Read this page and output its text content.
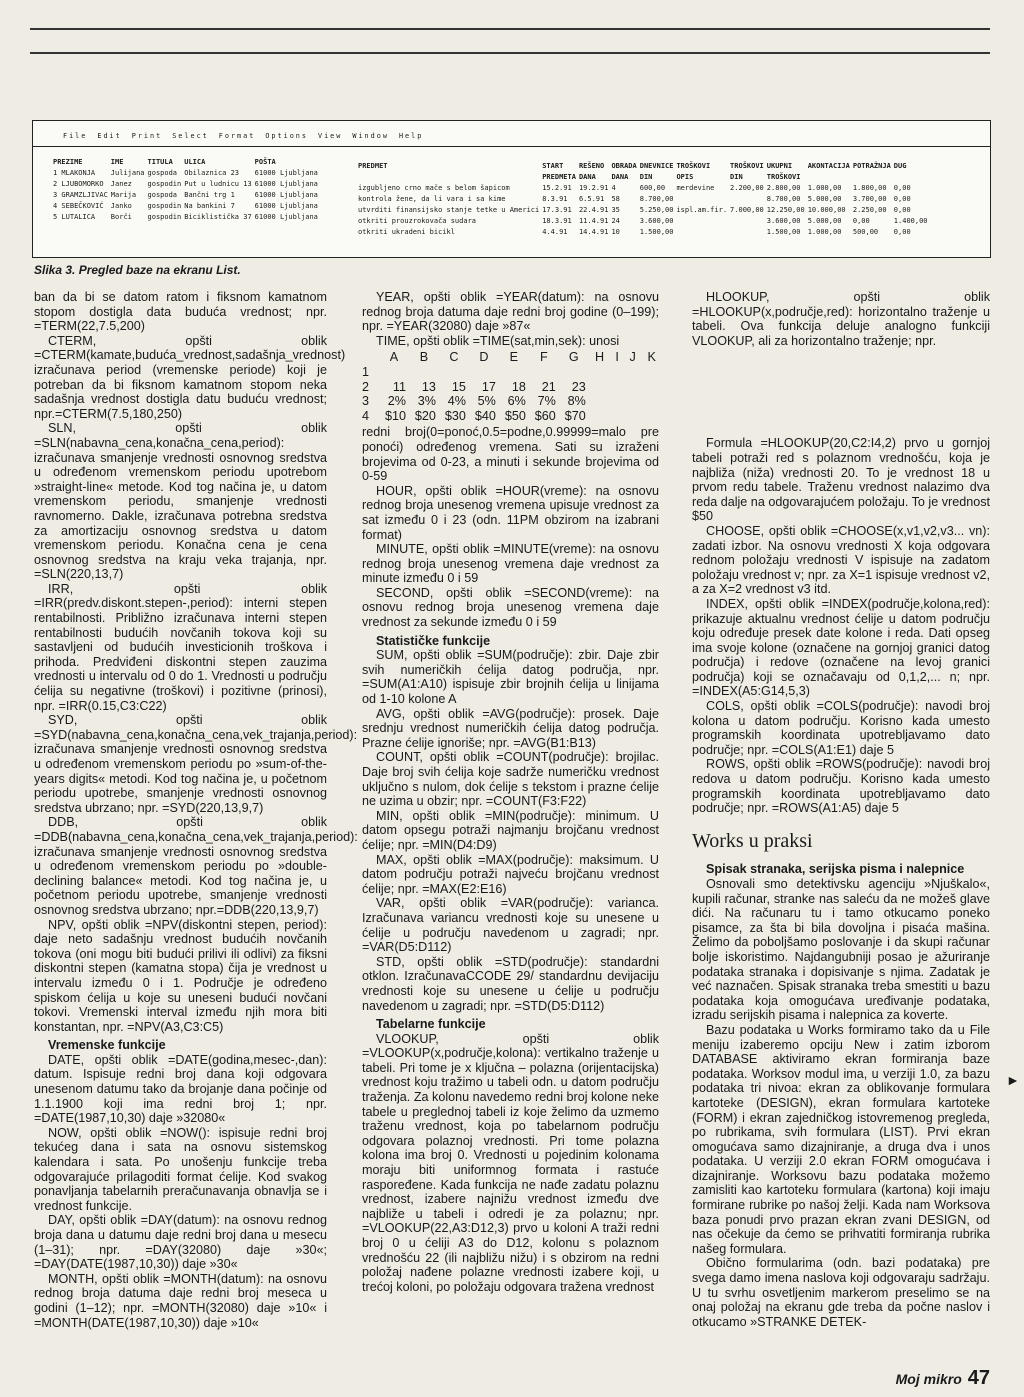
File Edit Print Select Format Options View Window Help
PREZIME	IME	TITULA	ULICA	POŠTA
1 MLAKONJA	Julijana	gospoda	Obilaznica 23	61000 Ljubljana
2 LJUBOMORKO	Janez	gospodin	Put u ludnicu 13	61000 Ljubljana
3 GRAMZLJIVAC	Marija	gospoda	Bančni trg 1	61000 Ljubljana
4 SEBEČKOVIĆ	Janko	gospodin	Na bankini 7	61000 Ljubljana
5 LUTALICA	Borči	gospodin	Biciklistička 37	61000 Ljubljana
PREDMET	START	REŠENO	OBRADA	DNEVNICE	TROŠKOVI	TROŠKOVI	UKUPNI	AKONTACIJA	POTRAŽNJA	DUG
	PREDMETA	DANA	DANA	DIN	OPIS	DIN	TROŠKOVI			
izgubljeno crno mače s belom šapicom	15.2.91	19.2.91	4	600,00	merdevine	2.200,00	2.800,00	1.000,00	1.800,00	0,00
kontrola žene, da li vara i sa kime	8.3.91	6.5.91	58	8.700,00			8.700,00	5.000,00	3.700,00	0,00
utvrditi finansijsko stanje tetke u Americi	17.3.91	22.4.91	35	5.250,00	ispl.am.fir.	7.000,00	12.250,00	10.000,00	2.250,00	0,00
otkriti prouzrokovača sudara	18.3.91	11.4.91	24	3.600,00			3.600,00	5.000,00	0,00	1.400,00
otkriti ukradeni bicikl	4.4.91	14.4.91	10	1.500,00			1.500,00	1.000,00	500,00	0,00
Slika 3. Pregled baze na ekranu List.

ban da bi se datom ratom i fiksnom kamatnom stopom dostigla data buduća vrednost; npr. =TERM(22,7.5,200)

CTERM, opšti oblik =CTERM(kamate,buduća_vrednost,sadašnja_vrednost) izračunava period (vremenske periode) koji je potreban da bi fiksnom kamatnom stopom neka sadašnja vrednost dostigla datu buduću vrednost; npr.=CTERM(7.5,180,250)

SLN, opšti oblik =SLN(nabavna_cena,konačna_cena,period): izračunava smanjenje vrednosti osnovnog sredstva u određenom vremenskom periodu upotrebom »straight-line« metode. Kod tog načina je, u datom vremenskom periodu, smanjenje vrednosti ravnomerno. Dakle, izračunava potrebna sredstva za amortizaciju osnovnog sredstva u datom vremenskom periodu. Konačna cena je cena osnovnog sredstva na kraju veka trajanja, npr. =SLN(220,13,7)

IRR, opšti oblik =IRR(predv.diskont.stepen-,period): interni stepen rentabilnosti. Približno izračunava interni stepen rentabilnosti budućih novčanih tokova koji su sastavljeni od budućih investicionih troškova i prihoda. Predviđeni diskontni stepen zauzima vrednosti u intervalu od 0 do 1. Vrednosti u području ćelija su negativne (troškovi) i pozitivne (prinosi), npr. =IRR(0.15,C3:C22)

SYD, opšti oblik =SYD(nabavna_cena,konačna_cena,vek_trajanja,period): izračunava smanjenje vrednosti osnovnog sredstva u određenom vremenskom periodu po »sum-of-the-years digits« metodi. Kod tog načina je, u početnom periodu upotrebe, smanjenje vrednosti osnovnog sredstva ubrzano; npr. =SYD(220,13,9,7)

DDB, opšti oblik =DDB(nabavna_cena,konačna_cena,vek_trajanja,period): izračunava smanjenje vrednosti osnovnog sredstva u određenom vremenskom periodu po »double-declining balance« metodi. Kod tog načina je, u početnom periodu upotrebe, smanjenje vrednosti osnovnog sredstva ubrzano; npr.=DDB(220,13,9,7)

NPV, opšti oblik =NPV(diskontni stepen, period): daje neto sadašnju vrednost budućih novčanih tokova (oni mogu biti budući prilivi ili odlivi) za fiksni diskontni stepen (kamatna stopa) čija je vrednost u intervalu između 0 i 1. Područje je određeno spiskom ćelija u koje su uneseni budući novčani tokovi. Vremenski interval između njih mora biti konstantan, npr. =NPV(A3,C3:C5)

Vremenske funkcije

DATE, opšti oblik =DATE(godina,mesec-,dan): datum. Ispisuje redni broj dana koji odgovara unesenom datumu tako da brojanje dana počinje od 1.1.1900 koji ima redni broj 1; npr. =DATE(1987,10,30) daje »32080«

NOW, opšti oblik =NOW(): ispisuje redni broj tekućeg dana i sata na osnovu sistemskog kalendara i sata. Po unošenju funkcije treba odgovarajuće prilagoditi format ćelije. Kod svakog ponavljanja tabelarnih preračunavanja obnavlja se i vrednost funkcije.

DAY, opšti oblik =DAY(datum): na osnovu rednog broja dana u datumu daje redni broj dana u mesecu (1–31); npr. =DAY(32080) daje »30«; =DAY(DATE(1987,10,30)) daje »30«

MONTH, opšti oblik =MONTH(datum): na osnovu rednog broja datuma daje redni broj meseca u godini (1–12); npr. =MONTH(32080) daje »10« i =MONTH(DATE(1987,10,30)) daje »10«

YEAR, opšti oblik =YEAR(datum): na osnovu rednog broja datuma daje redni broj godine (0–199); npr. =YEAR(32080) daje »87«

TIME, opšti oblik =TIME(sat,min,sek): unosi

	A	B	C	D	E	F	G	H	I	J	K
1											
2	11	13	15	17	18	21	23				
3	2%	3%	4%	5%	6%	7%	8%				
4	$10	$20	$30	$40	$50	$60	$70				

redni broj(0=ponoć,0.5=podne,0.99999=malo pre ponoći) određenog vremena. Sati su izraženi brojevima od 0-23, a minuti i sekunde brojevima od 0-59

HOUR, opšti oblik =HOUR(vreme): na osnovu rednog broja unesenog vremena upisuje vrednost za sat između 0 i 23 (odn. 11PM obzirom na izabrani format)

MINUTE, opšti oblik =MINUTE(vreme): na osnovu rednog broja unesenog vremena daje vrednost za minute između 0 i 59

SECOND, opšti oblik =SECOND(vreme): na osnovu rednog broja unesenog vremena daje vrednost za sekunde između 0 i 59

Statističke funkcije

SUM, opšti oblik =SUM(područje): zbir. Daje zbir svih numeričkih ćelija datog područja, npr. =SUM(A1:A10) ispisuje zbir brojnih ćelija u linijama od 1-10 kolone A

AVG, opšti oblik =AVG(područje): prosek. Daje srednju vrednost numeričkih ćelija datog područja. Prazne ćelije ignoriše; npr. =AVG(B1:B13)

COUNT, opšti oblik =COUNT(područje): brojilac. Daje broj svih ćelija koje sadrže numeričku vrednost uključno s nulom, dok ćelije s tekstom i prazne ćelije ne uzima u obzir; npr. =COUNT(F3:F22)

MIN, opšti oblik =MIN(područje): minimum. U datom opsegu potraži najmanju brojčanu vrednost ćelije; npr. =MIN(D4:D9)

MAX, opšti oblik =MAX(područje): maksimum. U datom području potraži najveću brojčanu vrednost ćelije; npr. =MAX(E2:E16)

VAR, opšti oblik =VAR(područje): varianca. Izračunava variancu vrednosti koje su unesene u ćelije u području navedenom u zagradi; npr. =VAR(D5:D112)

STD, opšti oblik =STD(područje): standardni otklon. IzračunavaCCODE 29/ standardnu devijaciju vrednosti koje su unesene u ćelije u području navedenom u zagradi; npr. =STD(D5:D112)

Tabelarne funkcije

VLOOKUP, opšti oblik =VLOOKUP(x,područje,kolona): vertikalno traženje u tabeli. Pri tome je x ključna – polazna (orijentacijska) vrednost koju tražimo u tabeli odn. u datom području traženja. Za kolonu navedemo redni broj kolone neke tabele u preglednoj tabeli iz koje želimo da uzmemo traženu vrednost, koja po tabelarnom području odgovara polaznoj vrednosti. Pri tome polazna kolona ima broj 0. Vrednosti u pojedinim kolonama moraju biti uniformnog formata i rastuće raspoređene. Kada funkcija ne nađe zadatu polaznu vrednost, izabere najnižu vrednost između dve najbliže u tabeli i odredi je za polaznu; npr. =VLOOKUP(22,A3:D12,3) prvo u koloni A traži redni broj 0 u ćeliji A3 do D12, kolonu s polaznom vrednošću 22 (ili najbližu nižu) i s obzirom na redni položaj nađene polazne vrednosti izabere koji, u trećoj koloni, po položaju odgovara tražena vrednost

HLOOKUP, opšti oblik =HLOOKUP(x,područje,red): horizontalno traženje u tabeli. Ova funkcija deluje analogno funkciji VLOOKUP, ali za horizontalno traženje; npr.

Formula =HLOOKUP(20,C2:I4,2) prvo u gornjoj tabeli potraži red s polaznom vrednošću, koja je najbliža (niža) vrednosti 20. To je vrednost 18 u prvom redu tabele. Traženu vrednost nalazimo dva reda dalje na odgovarajućem položaju. To je vrednost $50

CHOOSE, opšti oblik =CHOOSE(x,v1,v2,v3... vn): zadati izbor. Na osnovu vrednosti X koja odgovara rednom položaju vrednosti V ispisuje na zadatom položaju vrednost v; npr. za X=1 ispisuje vrednost v2, a za X=2 vrednost v3 itd.

INDEX, opšti oblik =INDEX(područje,kolona,red): prikazuje aktualnu vrednost ćelije u datom području koju određuje presek date kolone i reda. Dati opseg ima svoje kolone (označene na gornjoj granici datog područja) i redove (označene na levoj granici područja) koji se označavaju od 0,1,2,... n; npr. =INDEX(A5:G14,5,3)

COLS, opšti oblik =COLS(područje): navodi broj kolona u datom području. Korisno kada umesto programskih koordinata upotrebljavamo dato područje; npr. =COLS(A1:E1) daje 5

ROWS, opšti oblik =ROWS(područje): navodi broj redova u datom području. Korisno kada umesto programskih koordinata upotrebljavamo dato područje; npr. =ROWS(A1:A5) daje 5

Works u praksi
Spisak stranaka, serijska pisma i nalepnice

Osnovali smo detektivsku agenciju »Njuškalo«, kupili računar, stranke nas saleću da ne možeš glave dići. Na računaru tu i tamo otkucamo poneko pisamce, za šta bi bila dovoljna i pisaća mašina. Želimo da poboljšamo poslovanje i da skupi računar bolje iskoristimo. Najdangubniji posao je ažuriranje podataka stranaka i dopisivanje s njima. Zadatak je već naznačen. Spisak stranaka treba smestiti u bazu podataka koja omogućava uređivanje podataka, izradu serijskih pisama i nalepnica za koverte.

Bazu podataka u Works formiramo tako da u File meniju izaberemo opciju New i zatim izborom DATABASE aktiviramo ekran formiranja baze podataka. Worksov modul ima, u verziji 1.0, za bazu podataka tri nivoa: ekran za oblikovanje formulara kartoteke (DESIGN), ekran formulara kartoteke (FORM) i ekran zajedničkog istovremenog pregleda, po rubrikama, svih formulara (LIST). Prvi ekran omogućava samo dizajniranje, a druga dva i unos podataka. U verziji 2.0 ekran FORM omogućava i dizajniranje. Worksovu bazu podataka možemo zamisliti kao kartoteku formulara (kartona) koji imaju formirane rubrike po našoj želji. Kada nam Worksova baza ponudi prvo prazan ekran zvani DESIGN, od nas očekuje da ćemo se prihvatiti formiranja rubrika našeg formulara.

Obično formularima (odn. bazi podataka) pre svega damo imena naslova koji odgovaraju sadržaju. U tu svrhu osvetljenim markerom preselimo se na onaj položaj na ekranu gde treba da počne naslov i otkucamo »STRANKE DETEK-

►
Moj mikro 47
